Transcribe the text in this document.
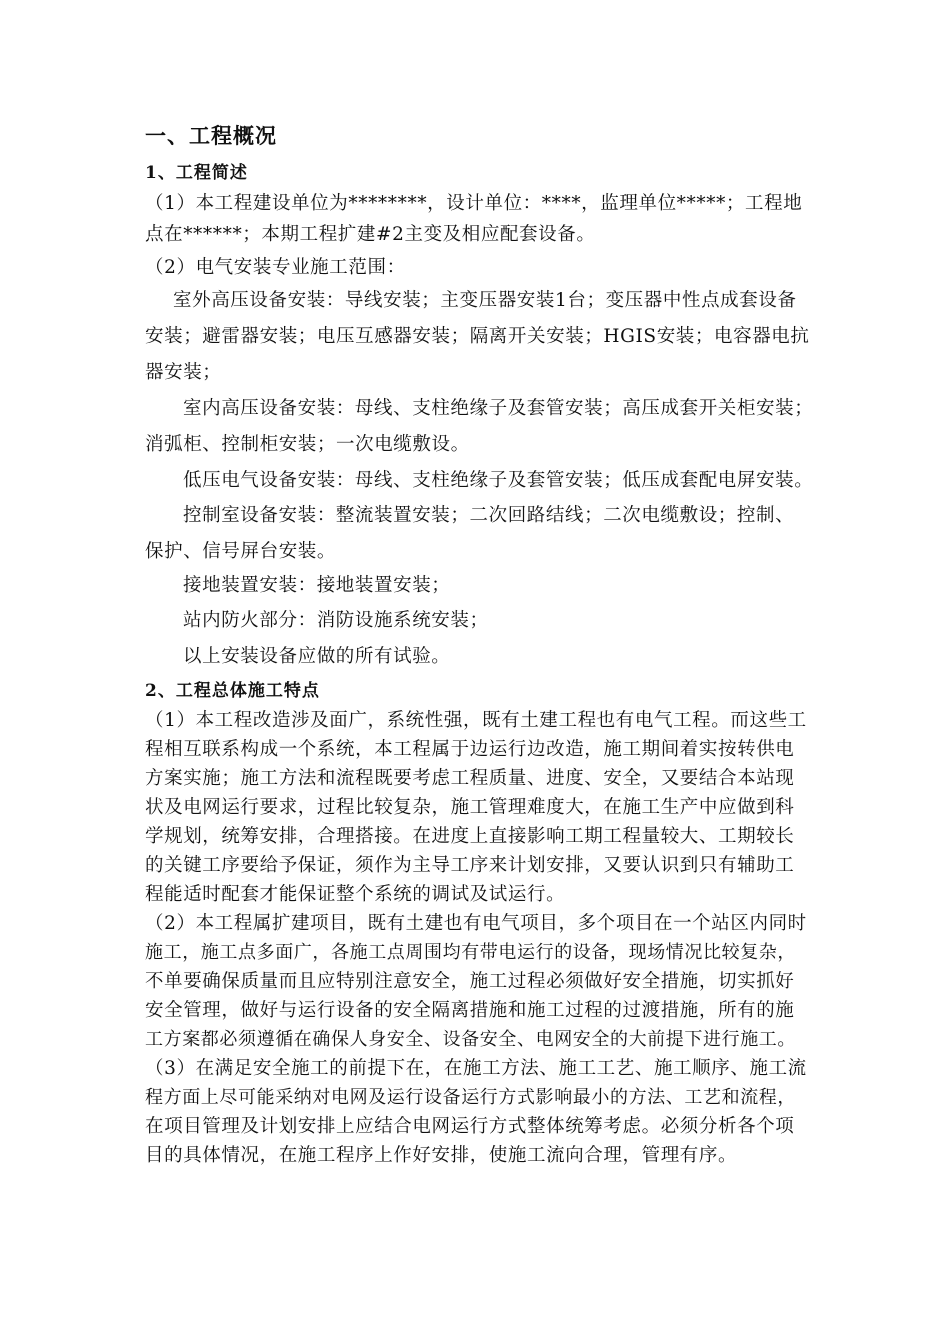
一、工程概况
1、工程简述
（1）本工程建设单位为********，设计单位：****，监理单位*****；工程地
点在******；本期工程扩建#2主变及相应配套设备。
（2）电气安装专业施工范围：
室外高压设备安装：导线安装；主变压器安装1台；变压器中性点成套设备
安装；避雷器安装；电压互感器安装；隔离开关安装；HGIS安装；电容器电抗
器安装；
室内高压设备安装：母线、支柱绝缘子及套管安装；高压成套开关柜安装；
消弧柜、控制柜安装；一次电缆敷设。
低压电气设备安装：母线、支柱绝缘子及套管安装；低压成套配电屏安装。
控制室设备安装：整流装置安装；二次回路结线；二次电缆敷设；控制、
保护、信号屏台安装。
接地装置安装：接地装置安装；
站内防火部分：消防设施系统安装；
以上安装设备应做的所有试验。
2、工程总体施工特点
（1）本工程改造涉及面广，系统性强，既有土建工程也有电气工程。而这些工
程相互联系构成一个系统，本工程属于边运行边改造，施工期间着实按转供电
方案实施；施工方法和流程既要考虑工程质量、进度、安全，又要结合本站现
状及电网运行要求，过程比较复杂，施工管理难度大，在施工生产中应做到科
学规划，统筹安排，合理搭接。在进度上直接影响工期工程量较大、工期较长
的关键工序要给予保证，须作为主导工序来计划安排，又要认识到只有辅助工
程能适时配套才能保证整个系统的调试及试运行。
（2）本工程属扩建项目，既有土建也有电气项目，多个项目在一个站区内同时
施工，施工点多面广，各施工点周围均有带电运行的设备，现场情况比较复杂，
不单要确保质量而且应特别注意安全，施工过程必须做好安全措施，切实抓好
安全管理，做好与运行设备的安全隔离措施和施工过程的过渡措施，所有的施
工方案都必须遵循在确保人身安全、设备安全、电网安全的大前提下进行施工。
（3）在满足安全施工的前提下在，在施工方法、施工工艺、施工顺序、施工流
程方面上尽可能采纳对电网及运行设备运行方式影响最小的方法、工艺和流程，
在项目管理及计划安排上应结合电网运行方式整体统筹考虑。必须分析各个项
目的具体情况，在施工程序上作好安排，使施工流向合理，管理有序。
